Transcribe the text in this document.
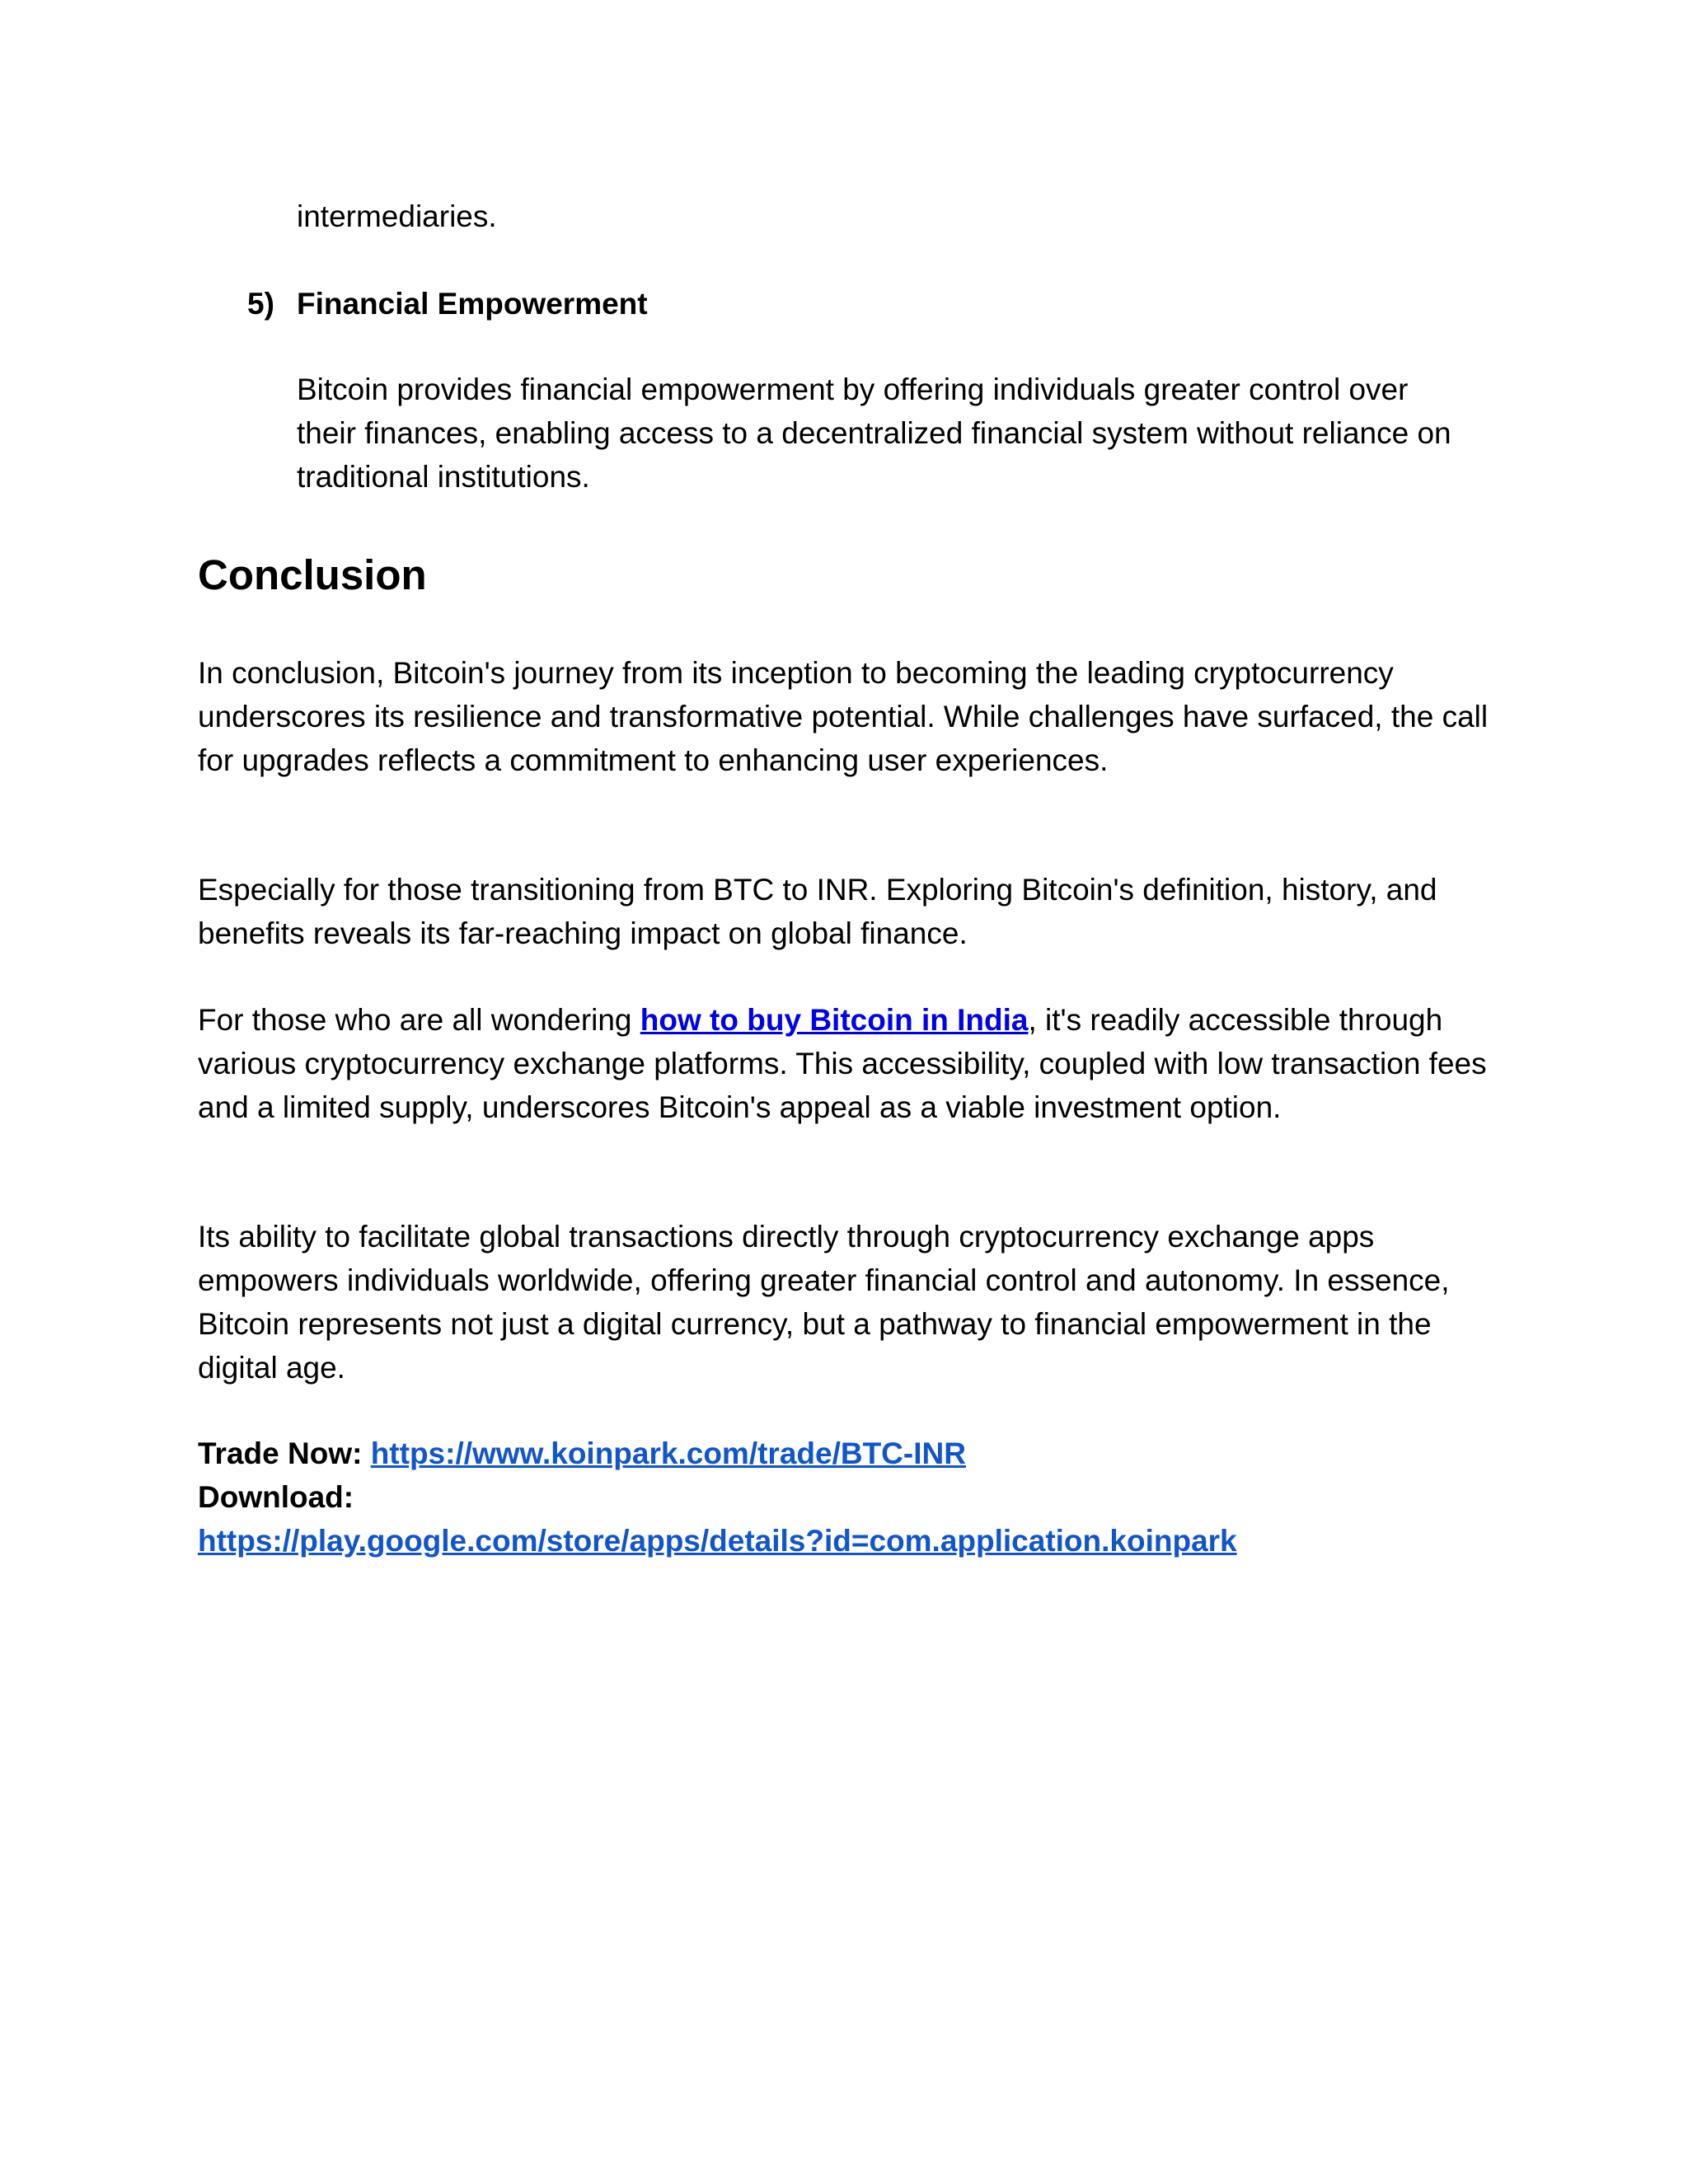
intermediaries.

5) Financial Empowerment

Bitcoin provides financial empowerment by offering individuals greater control over their finances, enabling access to a decentralized financial system without reliance on traditional institutions.

Conclusion

In conclusion, Bitcoin's journey from its inception to becoming the leading cryptocurrency underscores its resilience and transformative potential. While challenges have surfaced, the call for upgrades reflects a commitment to enhancing user experiences.

Especially for those transitioning from BTC to INR. Exploring Bitcoin's definition, history, and benefits reveals its far-reaching impact on global finance.

For those who are all wondering how to buy Bitcoin in India, it's readily accessible through various cryptocurrency exchange platforms. This accessibility, coupled with low transaction fees and a limited supply, underscores Bitcoin's appeal as a viable investment option.

Its ability to facilitate global transactions directly through cryptocurrency exchange apps empowers individuals worldwide, offering greater financial control and autonomy. In essence, Bitcoin represents not just a digital currency, but a pathway to financial empowerment in the digital age.

Trade Now: https://www.koinpark.com/trade/BTC-INR

Download:

https://play.google.com/store/apps/details?id=com.application.koinpark
